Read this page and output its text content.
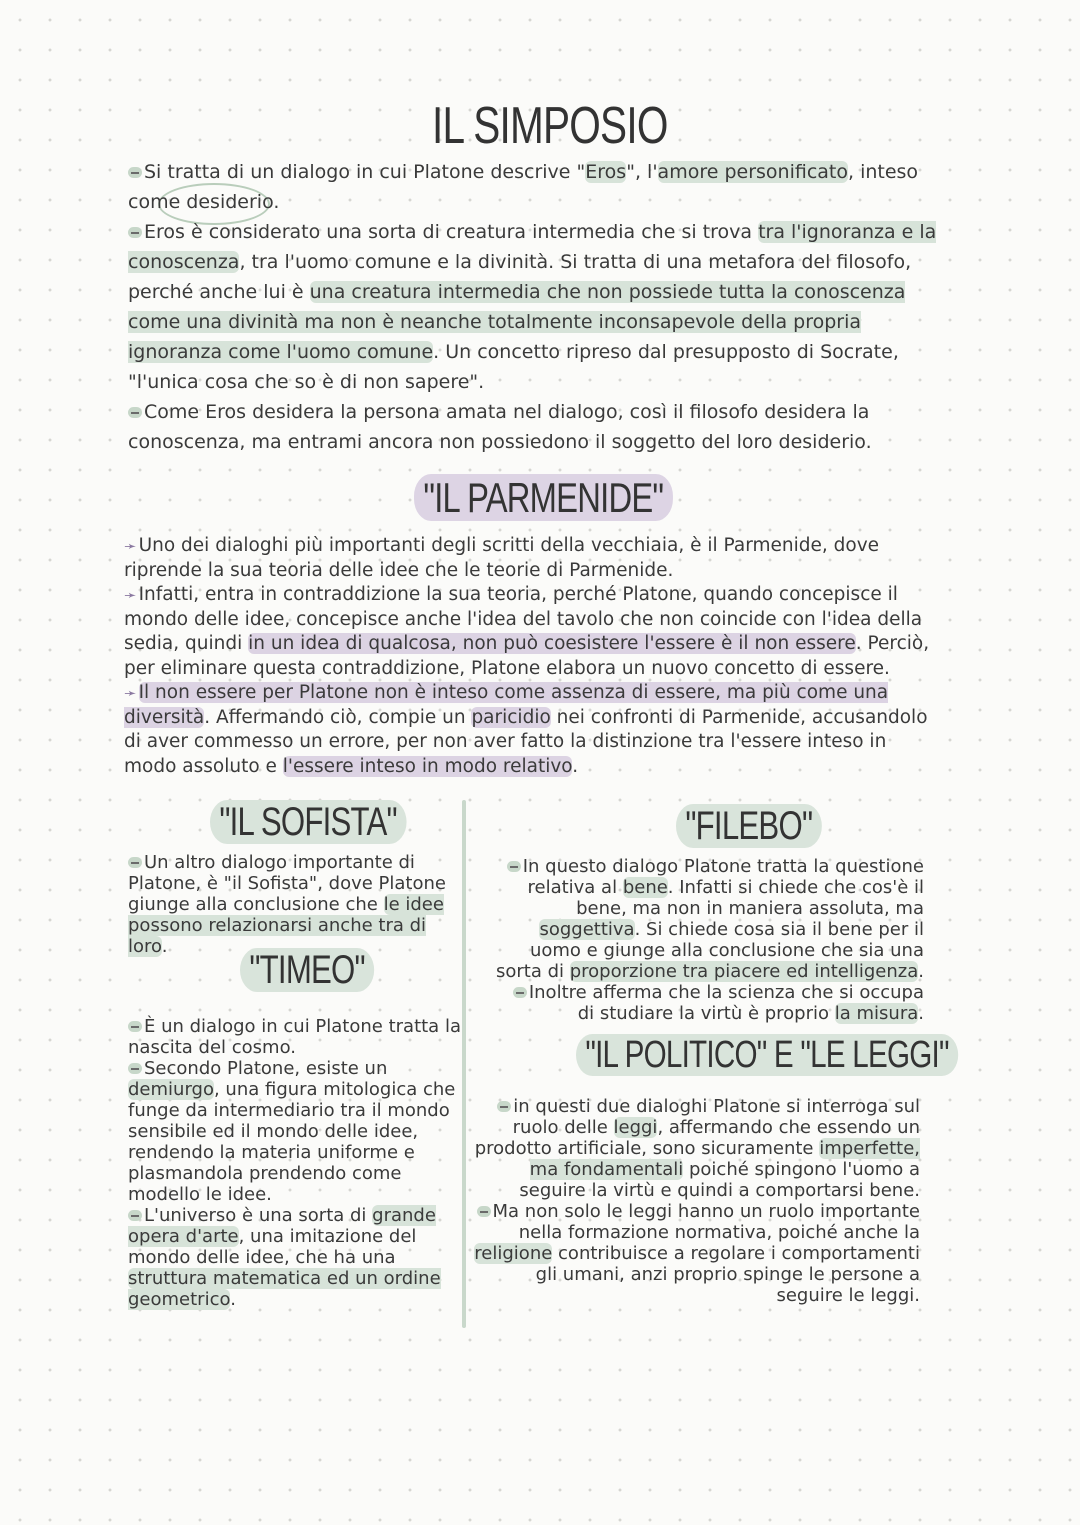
IL SIMPOSIO

Si tratta di un dialogo in cui Platone descrive "Eros", l'amore personificato, inteso come desiderio.

Eros è considerato una sorta di creatura intermedia che si trova tra l'ignoranza e la conoscenza, tra l'uomo comune e la divinità. Si tratta di una metafora del filosofo, perché anche lui è una creatura intermedia che non possiede tutta la conoscenza come una divinità ma non è neanche totalmente inconsapevole della propria ignoranza come l'uomo comune. Un concetto ripreso dal presupposto di Socrate, "l'unica cosa che so è di non sapere".

Come Eros desidera la persona amata nel dialogo, così il filosofo desidera la conoscenza, ma entrami ancora non possiedono il soggetto del loro desiderio.

"IL PARMENIDE"

➛ Uno dei dialoghi più importanti degli scritti della vecchiaia, è il Parmenide, dove riprende la sua teoria delle idee che le teorie di Parmenide.

➛ Infatti, entra in contraddizione la sua teoria, perché Platone, quando concepisce il mondo delle idee, concepisce anche l'idea del tavolo che non coincide con l'idea della sedia, quindi in un idea di qualcosa, non può coesistere l'essere è il non essere. Perciò, per eliminare questa contraddizione, Platone elabora un nuovo concetto di essere.

➛ Il non essere per Platone non è inteso come assenza di essere, ma più come una diversità. Affermando ciò, compie un paricidio nei confronti di Parmenide, accusandolo di aver commesso un errore, per non aver fatto la distinzione tra l'essere inteso in modo assoluto e l'essere inteso in modo relativo.

"IL SOFISTA"

Un altro dialogo importante di Platone, è "il Sofista", dove Platone giunge alla conclusione che le idee possono relazionarsi anche tra di loro.

"TIMEO"

È un dialogo in cui Platone tratta la nascita del cosmo.

Secondo Platone, esiste un demiurgo, una figura mitologica che funge da intermediario tra il mondo sensibile ed il mondo delle idee, rendendo la materia uniforme e plasmandola prendendo come modello le idee.

L'universo è una sorta di grande opera d'arte, una imitazione del mondo delle idee, che ha una struttura matematica ed un ordine geometrico.

"FILEBO"

In questo dialogo Platone tratta la questione relativa al bene. Infatti si chiede che cos'è il bene, ma non in maniera assoluta, ma soggettiva. Si chiede cosa sia il bene per il uomo e giunge alla conclusione che sia una sorta di proporzione tra piacere ed intelligenza.

Inoltre afferma che la scienza che si occupa di studiare la virtù è proprio la misura.

"IL POLITICO" E "LE LEGGI"

in questi due dialoghi Platone si interroga sul ruolo delle leggi, affermando che essendo un prodotto artificiale, sono sicuramente imperfette, ma fondamentali poiché spingono l'uomo a seguire la virtù e quindi a comportarsi bene.

Ma non solo le leggi hanno un ruolo importante nella formazione normativa, poiché anche la religione contribuisce a regolare i comportamenti gli umani, anzi proprio spinge le persone a seguire le leggi.
